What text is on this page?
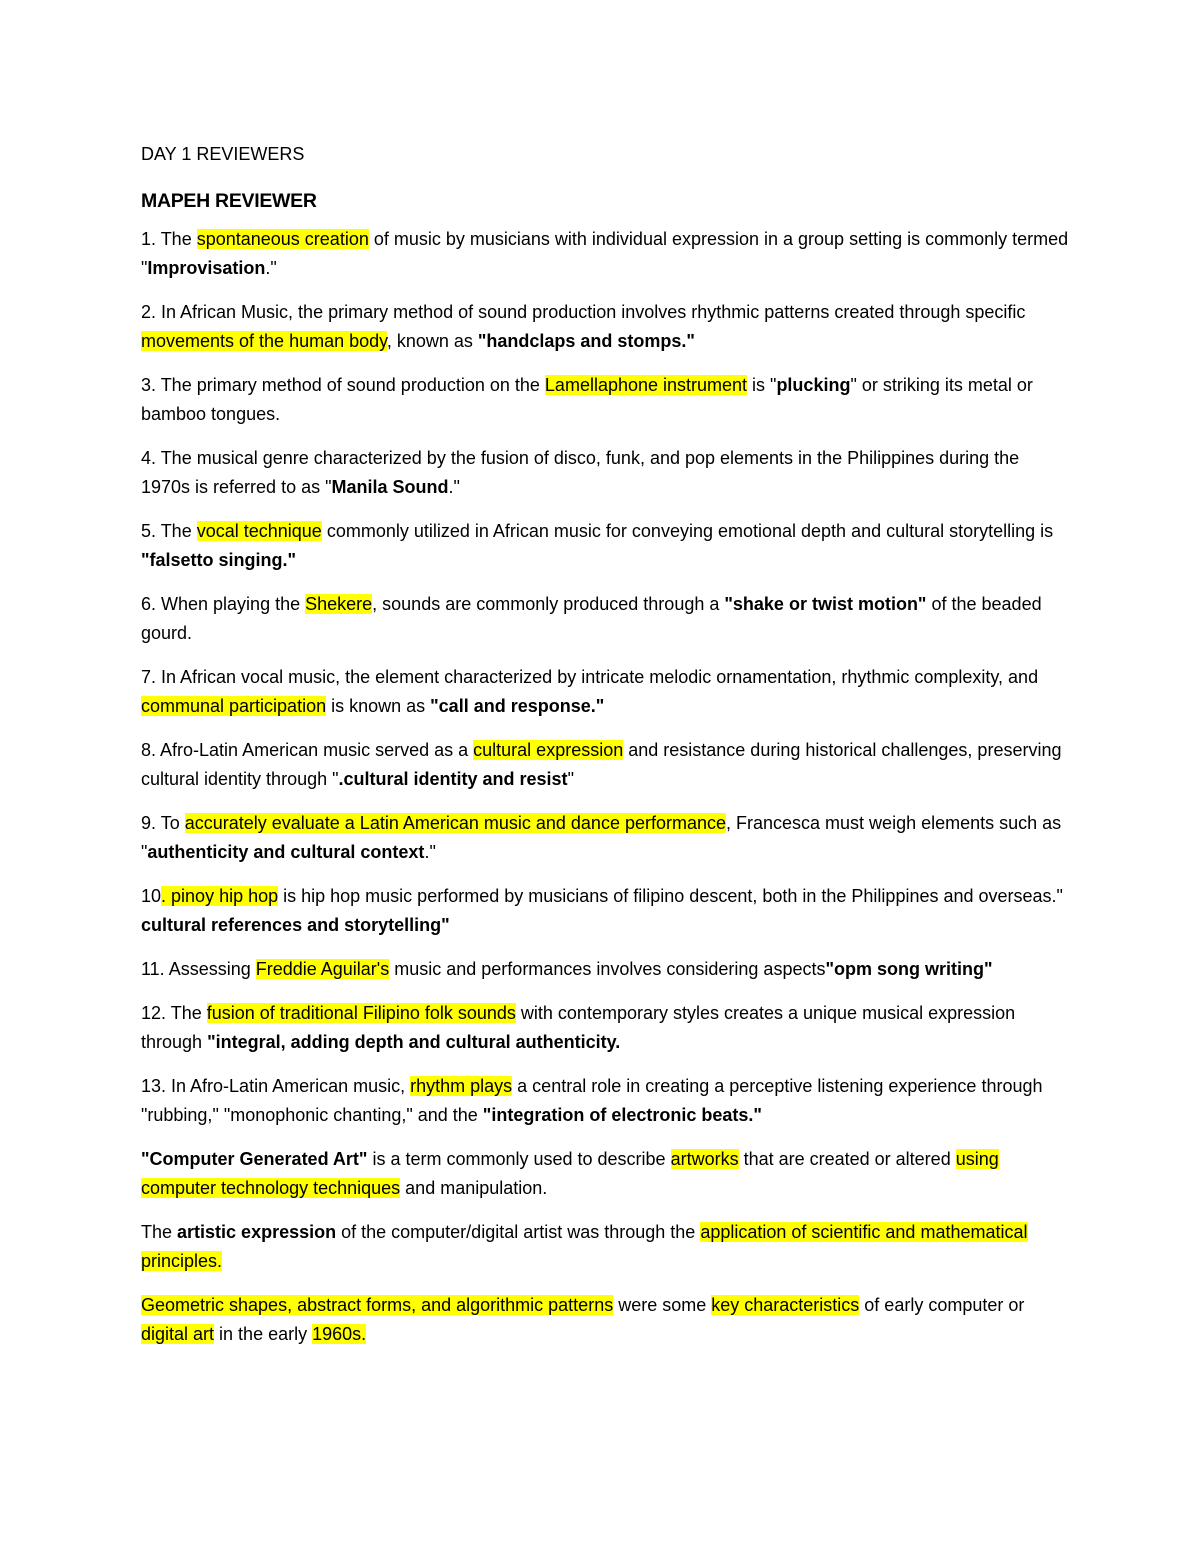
DAY 1 REVIEWERS

MAPEH REVIEWER

1. The spontaneous creation of music by musicians with individual expression in a group setting is commonly termed "Improvisation."

2. In African Music, the primary method of sound production involves rhythmic patterns created through specific movements of the human body, known as "handclaps and stomps."

3. The primary method of sound production on the Lamellaphone instrument is "plucking" or striking its metal or bamboo tongues.

4. The musical genre characterized by the fusion of disco, funk, and pop elements in the Philippines during the 1970s is referred to as "Manila Sound."

5. The vocal technique commonly utilized in African music for conveying emotional depth and cultural storytelling is "falsetto singing."

6. When playing the Shekere, sounds are commonly produced through a "shake or twist motion" of the beaded gourd.

7. In African vocal music, the element characterized by intricate melodic ornamentation, rhythmic complexity, and communal participation is known as "call and response."

8. Afro-Latin American music served as a cultural expression and resistance during historical challenges, preserving cultural identity through ".cultural identity and resist"

9. To accurately evaluate a Latin American music and dance performance, Francesca must weigh elements such as "authenticity and cultural context."

10. pinoy hip hop is hip hop music performed by musicians of filipino descent, both in the Philippines and overseas." cultural references and storytelling"

11. Assessing Freddie Aguilar's music and performances involves considering aspects"opm song writing"

12. The fusion of traditional Filipino folk sounds with contemporary styles creates a unique musical expression through "integral, adding depth and cultural authenticity.

13. In Afro-Latin American music, rhythm plays a central role in creating a perceptive listening experience through "rubbing," "monophonic chanting," and the "integration of electronic beats."

"Computer Generated Art" is a term commonly used to describe artworks that are created or altered using computer technology techniques and manipulation.

The artistic expression of the computer/digital artist was through the application of scientific and mathematical principles.

Geometric shapes, abstract forms, and algorithmic patterns were some key characteristics of early computer or digital art in the early 1960s.
